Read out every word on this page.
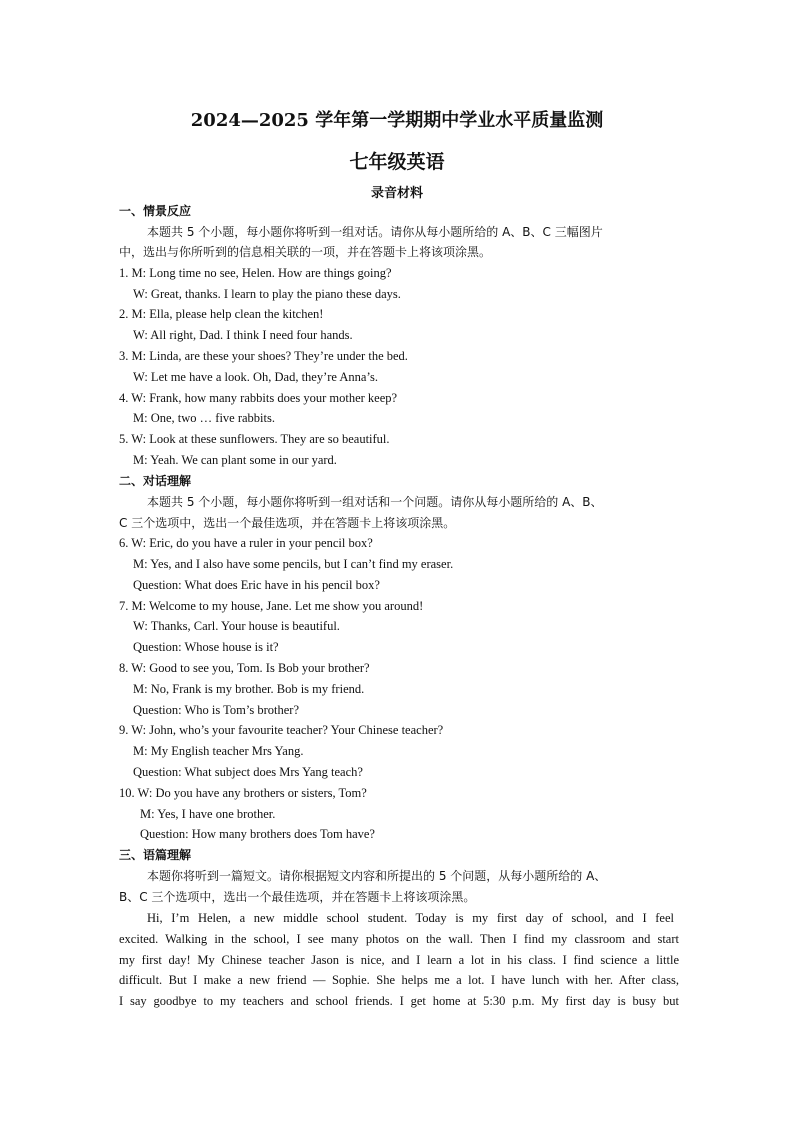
2024—2025 学年第一学期期中学业水平质量监测
七年级英语
录音材料
一、情景反应
本题共 5 个小题，每小题你将听到一组对话。请你从每小题所给的 A、B、C 三幅图片
中，选出与你所听到的信息相关联的一项，并在答题卡上将该项涂黑。
1. M: Long time no see, Helen. How are things going?
W: Great, thanks. I learn to play the piano these days.
2. M: Ella, please help clean the kitchen!
W: All right, Dad. I think I need four hands.
3. M: Linda, are these your shoes? They’re under the bed.
W: Let me have a look. Oh, Dad, they’re Anna’s.
4. W: Frank, how many rabbits does your mother keep?
M: One, two … five rabbits.
5. W: Look at these sunflowers. They are so beautiful.
M: Yeah. We can plant some in our yard.
二、对话理解
本题共 5 个小题，每小题你将听到一组对话和一个问题。请你从每小题所给的 A、B、
C 三个选项中，选出一个最佳选项，并在答题卡上将该项涂黑。
6. W: Eric, do you have a ruler in your pencil box?
M: Yes, and I also have some pencils, but I can’t find my eraser.
Question: What does Eric have in his pencil box?
7. M: Welcome to my house, Jane. Let me show you around!
W: Thanks, Carl. Your house is beautiful.
Question: Whose house is it?
8. W: Good to see you, Tom. Is Bob your brother?
M: No, Frank is my brother. Bob is my friend.
Question: Who is Tom’s brother?
9. W: John, who’s your favourite teacher? Your Chinese teacher?
M: My English teacher Mrs Yang.
Question: What subject does Mrs Yang teach?
10. W: Do you have any brothers or sisters, Tom?
M: Yes, I have one brother.
Question: How many brothers does Tom have?
三、语篇理解
本题你将听到一篇短文。请你根据短文内容和所提出的 5 个问题，从每小题所给的 A、
B、C 三个选项中，选出一个最佳选项，并在答题卡上将该项涂黑。
Hi, I’m Helen, a new middle school student. Today is my first day of school, and I feel
excited. Walking in the school, I see many photos on the wall. Then I find my classroom and start
my first day! My Chinese teacher Jason is nice, and I learn a lot in his class. I find science a little
difficult. But I make a new friend — Sophie. She helps me a lot. I have lunch with her. After class,
I say goodbye to my teachers and school friends. I get home at 5:30 p.m. My first day is busy but
